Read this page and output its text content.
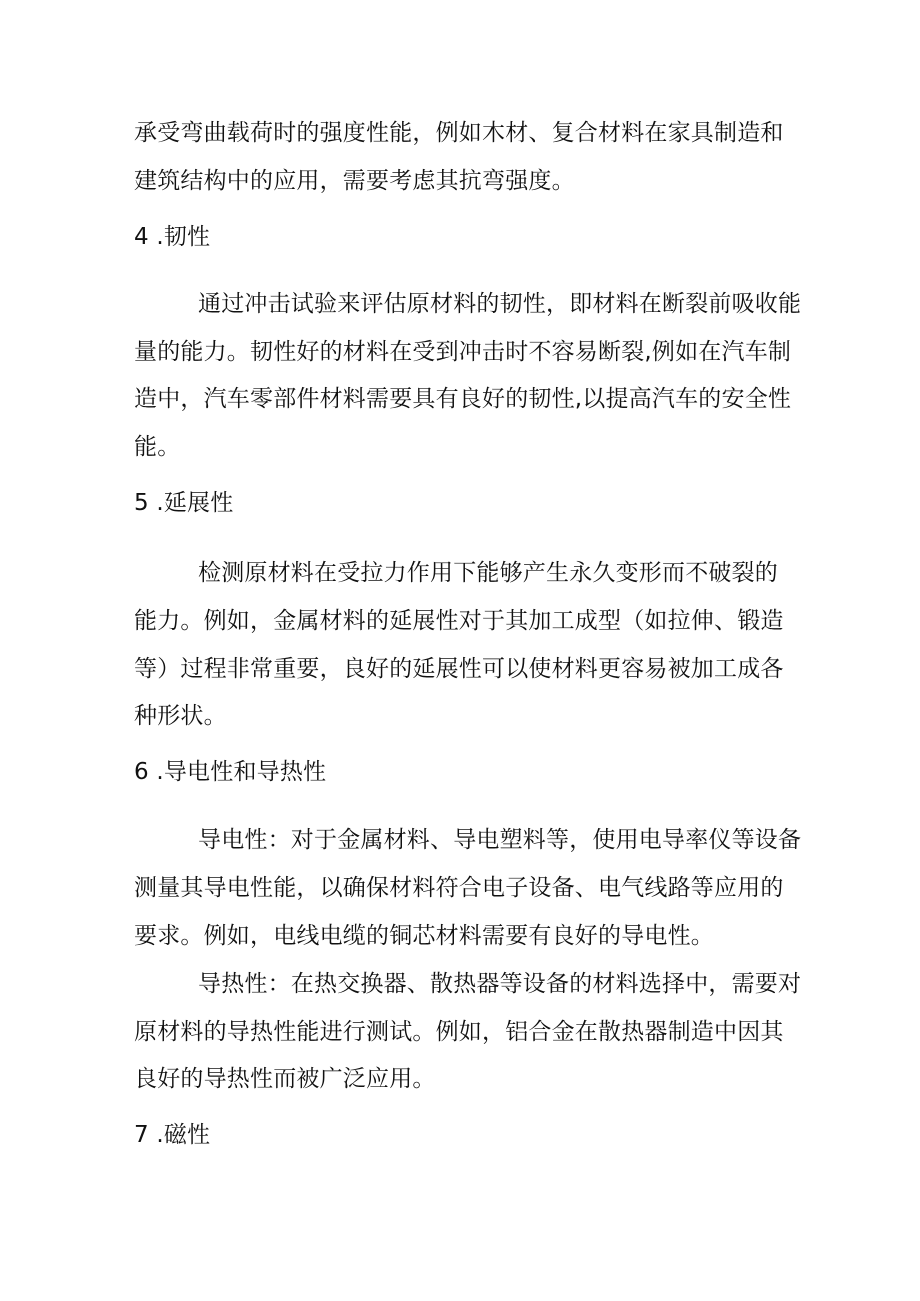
承受弯曲载荷时的强度性能，例如木材、复合材料在家具制造和
建筑结构中的应用，需要考虑其抗弯强度。
4 .韧性
通过冲击试验来评估原材料的韧性，即材料在断裂前吸收能
量的能力。韧性好的材料在受到冲击时不容易断裂,例如在汽车制
造中，汽车零部件材料需要具有良好的韧性,以提高汽车的安全性
能。
5 .延展性
检测原材料在受拉力作用下能够产生永久变形而不破裂的
能力。例如，金属材料的延展性对于其加工成型（如拉伸、锻造
等）过程非常重要，良好的延展性可以使材料更容易被加工成各
种形状。
6 .导电性和导热性
导电性：对于金属材料、导电塑料等，使用电导率仪等设备
测量其导电性能，以确保材料符合电子设备、电气线路等应用的
要求。例如，电线电缆的铜芯材料需要有良好的导电性。
导热性：在热交换器、散热器等设备的材料选择中，需要对
原材料的导热性能进行测试。例如，铝合金在散热器制造中因其
良好的导热性而被广泛应用。
7 .磁性
